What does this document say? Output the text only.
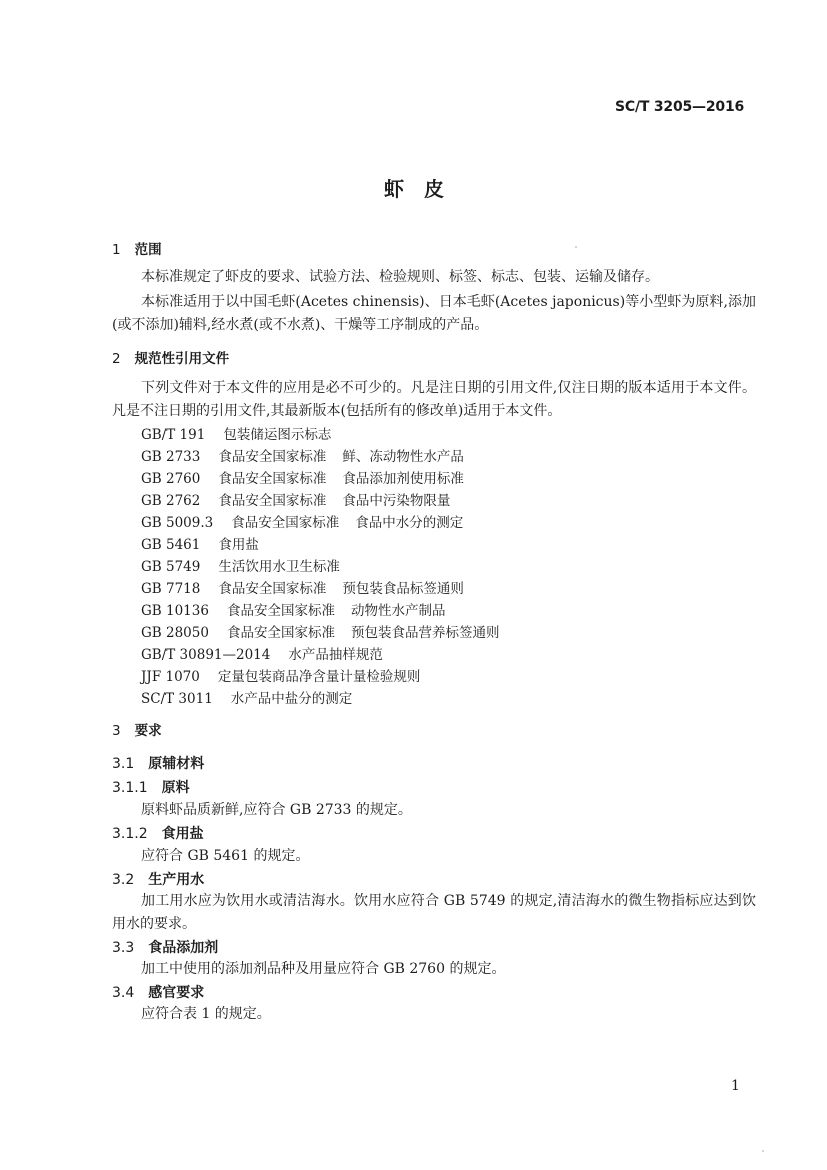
SC/T 3205—2016
虾皮
1 范围
本标准规定了虾皮的要求、试验方法、检验规则、标签、标志、包装、运输及储存。
本标准适用于以中国毛虾(Acetes chinensis)、日本毛虾(Acetes japonicus)等小型虾为原料,添加(或不添加)辅料,经水煮(或不水煮)、干燥等工序制成的产品。
2 规范性引用文件
下列文件对于本文件的应用是必不可少的。凡是注日期的引用文件,仅注日期的版本适用于本文件。凡是不注日期的引用文件,其最新版本(包括所有的修改单)适用于本文件。
GB/T 191 包装储运图示标志
GB 2733 食品安全国家标准 鲜、冻动物性水产品
GB 2760 食品安全国家标准 食品添加剂使用标准
GB 2762 食品安全国家标准 食品中污染物限量
GB 5009.3 食品安全国家标准 食品中水分的测定
GB 5461 食用盐
GB 5749 生活饮用水卫生标准
GB 7718 食品安全国家标准 预包装食品标签通则
GB 10136 食品安全国家标准 动物性水产制品
GB 28050 食品安全国家标准 预包装食品营养标签通则
GB/T 30891—2014 水产品抽样规范
JJF 1070 定量包装商品净含量计量检验规则
SC/T 3011 水产品中盐分的测定
3 要求
3.1 原辅材料
3.1.1 原料
原料虾品质新鲜,应符合 GB 2733 的规定。
3.1.2 食用盐
应符合 GB 5461 的规定。
3.2 生产用水
加工用水应为饮用水或清洁海水。饮用水应符合 GB 5749 的规定,清洁海水的微生物指标应达到饮用水的要求。
3.3 食品添加剂
加工中使用的添加剂品种及用量应符合 GB 2760 的规定。
3.4 感官要求
应符合表 1 的规定。
1
